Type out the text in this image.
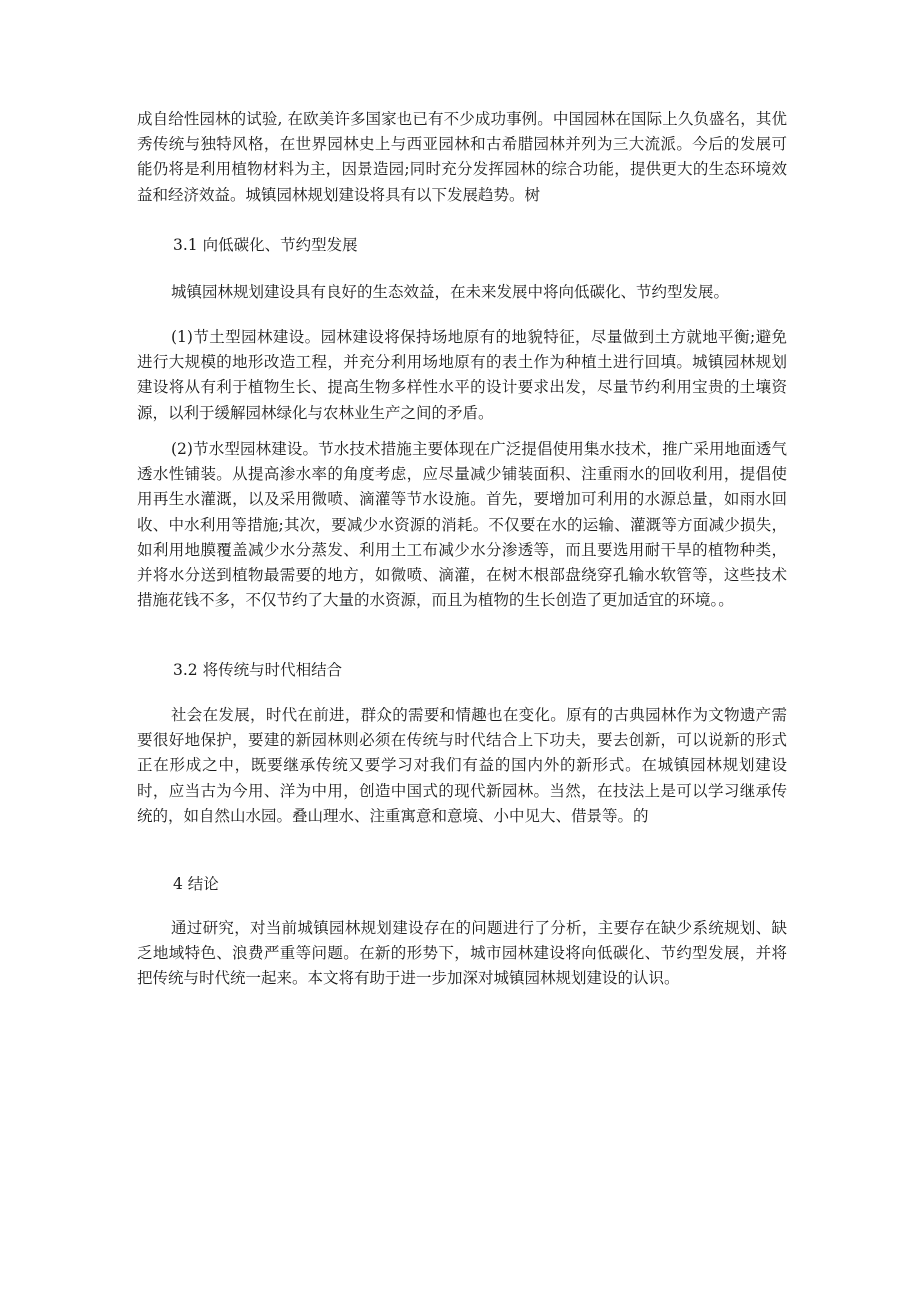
成自给性园林的试验, 在欧美许多国家也已有不少成功事例。中国园林在国际上久负盛名，其优秀传统与独特风格，在世界园林史上与西亚园林和古希腊园林并列为三大流派。今后的发展可能仍将是利用植物材料为主，因景造园;同时充分发挥园林的综合功能，提供更大的生态环境效益和经济效益。城镇园林规划建设将具有以下发展趋势。树

3.1 向低碳化、节约型发展

城镇园林规划建设具有良好的生态效益，在未来发展中将向低碳化、节约型发展。

(1)节土型园林建设。园林建设将保持场地原有的地貌特征，尽量做到土方就地平衡;避免进行大规模的地形改造工程，并充分利用场地原有的表土作为种植土进行回填。城镇园林规划建设将从有利于植物生长、提高生物多样性水平的设计要求出发，尽量节约利用宝贵的土壤资源，以利于缓解园林绿化与农林业生产之间的矛盾。

(2)节水型园林建设。节水技术措施主要体现在广泛提倡使用集水技术，推广采用地面透气透水性铺装。从提高渗水率的角度考虑，应尽量减少铺装面积、注重雨水的回收利用，提倡使用再生水灌溉，以及采用微喷、滴灌等节水设施。首先，要增加可利用的水源总量，如雨水回收、中水利用等措施;其次，要减少水资源的消耗。不仅要在水的运输、灌溉等方面减少损失，如利用地膜覆盖减少水分蒸发、利用土工布减少水分渗透等，而且要选用耐干旱的植物种类，并将水分送到植物最需要的地方，如微喷、滴灌，在树木根部盘绕穿孔输水软管等，这些技术措施花钱不多，不仅节约了大量的水资源，而且为植物的生长创造了更加适宜的环境。。

3.2 将传统与时代相结合

社会在发展，时代在前进，群众的需要和情趣也在变化。原有的古典园林作为文物遗产需要很好地保护，要建的新园林则必须在传统与时代结合上下功夫，要去创新，可以说新的形式正在形成之中，既要继承传统又要学习对我们有益的国内外的新形式。在城镇园林规划建设时，应当古为今用、洋为中用，创造中国式的现代新园林。当然，在技法上是可以学习继承传统的，如自然山水园。叠山理水、注重寓意和意境、小中见大、借景等。的

4 结论

通过研究，对当前城镇园林规划建设存在的问题进行了分析，主要存在缺少系统规划、缺乏地域特色、浪费严重等问题。在新的形势下，城市园林建设将向低碳化、节约型发展，并将把传统与时代统一起来。本文将有助于进一步加深对城镇园林规划建设的认识。
